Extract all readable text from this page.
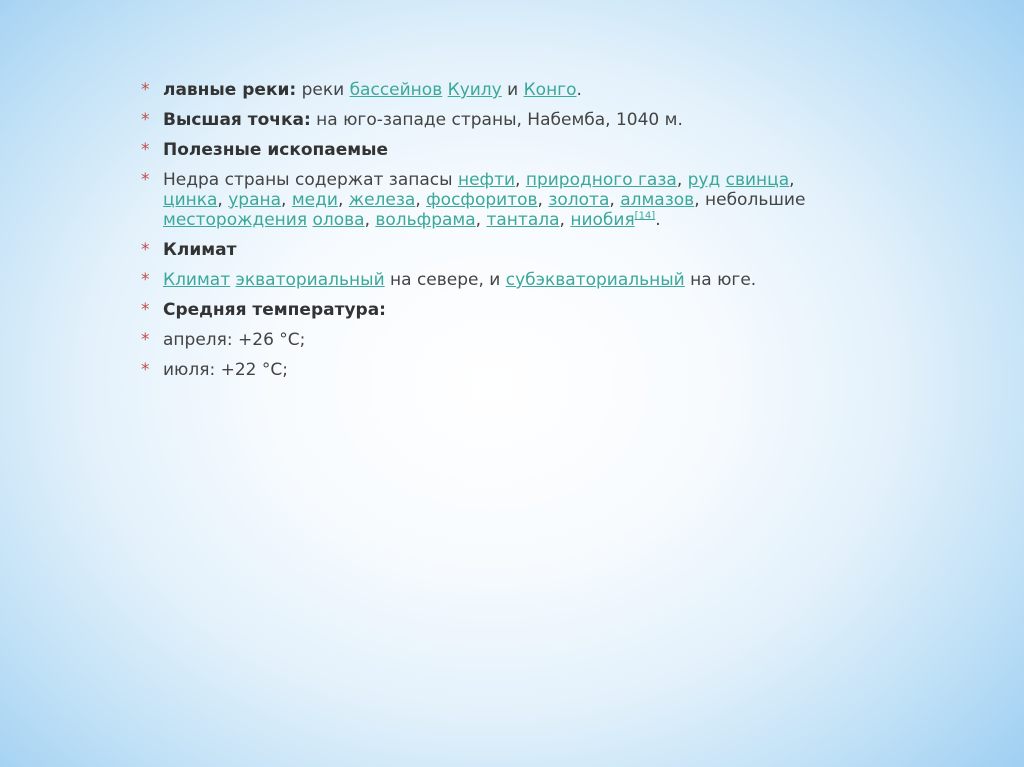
* лавные реки: реки бассейнов Куилу и Конго.
* Высшая точка: на юго-западе страны, Набемба, 1040 м.
* Полезные ископаемые
* Недра страны содержат запасы нефти, природного газа, руд свинца, цинка, урана, меди, железа, фосфоритов, золота, алмазов, небольшие месторождения олова, вольфрама, тантала, ниобия[14].
* Климат
* Климат экваториальный на севере, и субэкваториальный на юге.
* Средняя температура:
* апреля: +26 °C;
* июля: +22 °C;
